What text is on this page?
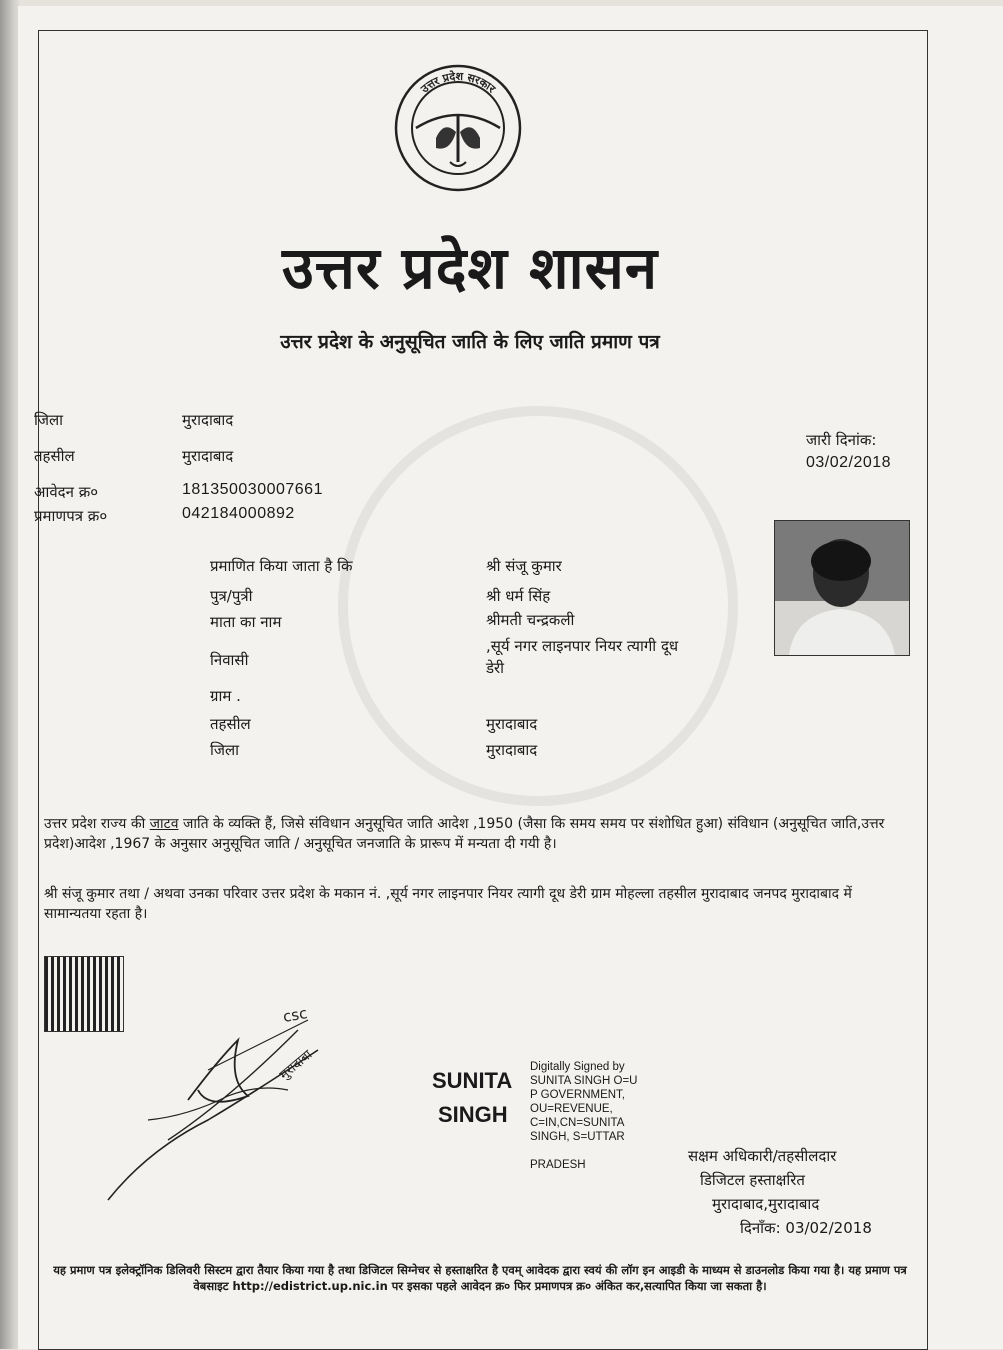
उत्तर प्रदेश सरकार
उत्तर प्रदेश शासन
उत्तर प्रदेश के अनुसूचित जाति के लिए जाति प्रमाण पत्र
जिला	मुरादाबाद
तहसील	मुरादाबाद
आवेदन क्र०	181350030007661
प्रमाणपत्र क्र०	042184000892
जारी दिनांक:
03/02/2018
प्रमाणित किया जाता है कि	श्री संजू कुमार
पुत्र/पुत्री	श्री धर्म सिंह
माता का नाम	श्रीमती चन्द्रकली
निवासी
,सूर्य नगर लाइनपार नियर त्यागी दूध
डेरी
ग्राम .
तहसील	मुरादाबाद
जिला	मुरादाबाद
उत्तर प्रदेश राज्य की जाटव जाति के व्यक्ति हैं, जिसे संविधान अनुसूचित जाति आदेश ,1950 (जैसा कि समय समय पर संशोधित हुआ) संविधान (अनुसूचित जाति,उत्तर प्रदेश)आदेश ,1967 के अनुसार अनुसूचित जाति / अनुसूचित जनजाति के प्रारूप में मन्यता दी गयी है।
श्री संजू कुमार तथा / अथवा उनका परिवार उत्तर प्रदेश के मकान नं. ,सूर्य नगर लाइनपार नियर त्यागी दूध डेरी ग्राम मोहल्ला तहसील मुरादाबाद जनपद मुरादाबाद में सामान्यतया रहता है।
csc
मुरादाबा	SUNITA
SINGH
Digitally Signed by
SUNITA SINGH O=U
P GOVERNMENT,
OU=REVENUE,
C=IN,CN=SUNITA
SINGH, S=UTTAR
PRADESH	सक्षम अधिकारी/तहसीलदार
डिजिटल हस्ताक्षरित
मुरादाबाद,मुरादाबाद
दिनाँक: 03/02/2018
यह प्रमाण पत्र इलेक्ट्रॉनिक डिलिवरी सिस्टम द्वारा तैयार किया गया है तथा डिजिटल सिग्नेचर से हस्ताक्षरित है एवम् आवेदक द्वारा स्वयं की लॉग इन आइडी के माध्यम से डाउनलोड किया गया है। यह प्रमाण पत्र वेबसाइट http://edistrict.up.nic.in पर इसका पहले आवेदन क्र० फिर प्रमाणपत्र क्र० अंकित कर,सत्यापित किया जा सकता है।
